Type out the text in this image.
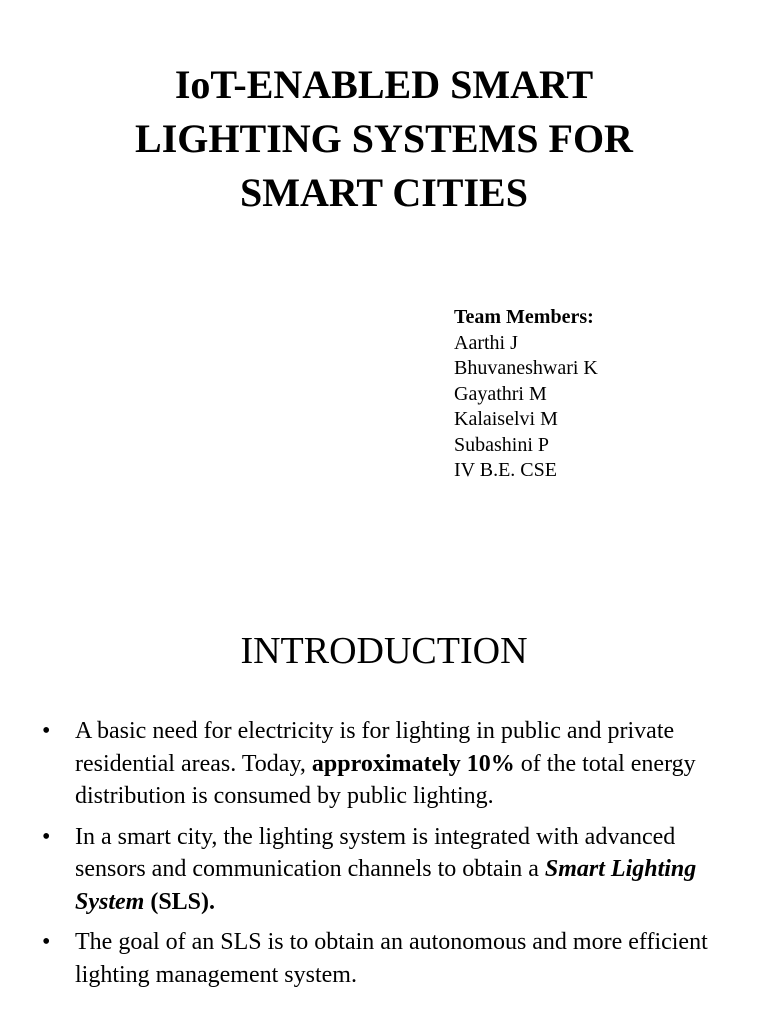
IoT-ENABLED SMART
LIGHTING SYSTEMS FOR
SMART CITIES
Team Members:
Aarthi J
Bhuvaneshwari K
Gayathri M
Kalaiselvi M
Subashini P
IV B.E. CSE
INTRODUCTION
• A basic need for electricity is for lighting in public and private residential areas. Today, approximately 10% of the total energy distribution is consumed by public lighting.
• In a smart city, the lighting system is integrated with advanced sensors and communication channels to obtain a Smart Lighting System (SLS).
• The goal of an SLS is to obtain an autonomous and more efficient lighting management system.
